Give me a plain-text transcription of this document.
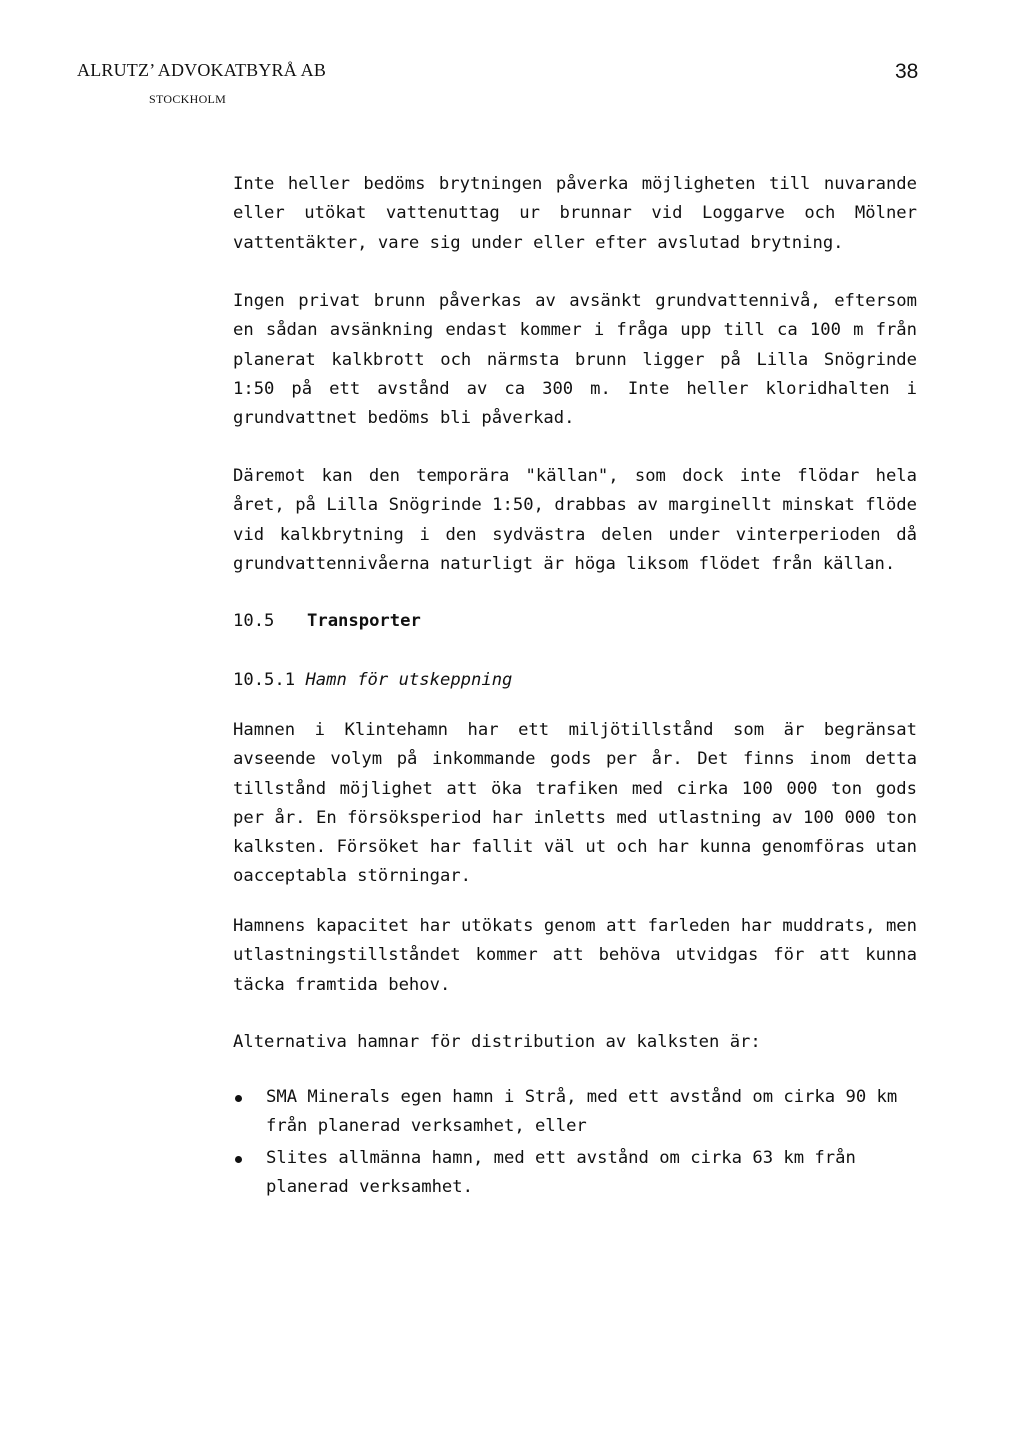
ALRUTZ’ ADVOKATBYRÅ AB
STOCKHOLM
38

Inte heller bedöms brytningen påverka möjligheten till nuvarande eller utökat vattenuttag ur brunnar vid Loggarve och Mölner vattentäkter, vare sig under eller efter avslutad brytning.

Ingen privat brunn påverkas av avsänkt grundvattennivå, eftersom en sådan avsänkning endast kommer i fråga upp till ca 100 m från planerat kalkbrott och närmsta brunn ligger på Lilla Snögrinde 1:50 på ett avstånd av ca 300 m. Inte heller kloridhalten i grundvattnet bedöms bli påverkad.

Däremot kan den temporära "källan", som dock inte flödar hela året, på Lilla Snögrinde 1:50, drabbas av marginellt minskat flöde vid kalkbrytning i den sydvästra delen under vinterperioden då grundvattennivåerna naturligt är höga liksom flödet från källan.

10.5 Transporter
10.5.1 Hamn för utskeppning

Hamnen i Klintehamn har ett miljötillstånd som är begränsat avseende volym på inkommande gods per år. Det finns inom detta tillstånd möjlighet att öka trafiken med cirka 100 000 ton gods per år. En försöksperiod har inletts med utlastning av 100 000 ton kalksten. Försöket har fallit väl ut och har kunna genomföras utan oacceptabla störningar.

Hamnens kapacitet har utökats genom att farleden har muddrats, men utlastningstillståndet kommer att behöva utvidgas för att kunna täcka framtida behov.

Alternativa hamnar för distribution av kalksten är:

SMA Minerals egen hamn i Strå, med ett avstånd om cirka 90 km från planerad verksamhet, eller
Slites allmänna hamn, med ett avstånd om cirka 63 km från planerad verksamhet.
